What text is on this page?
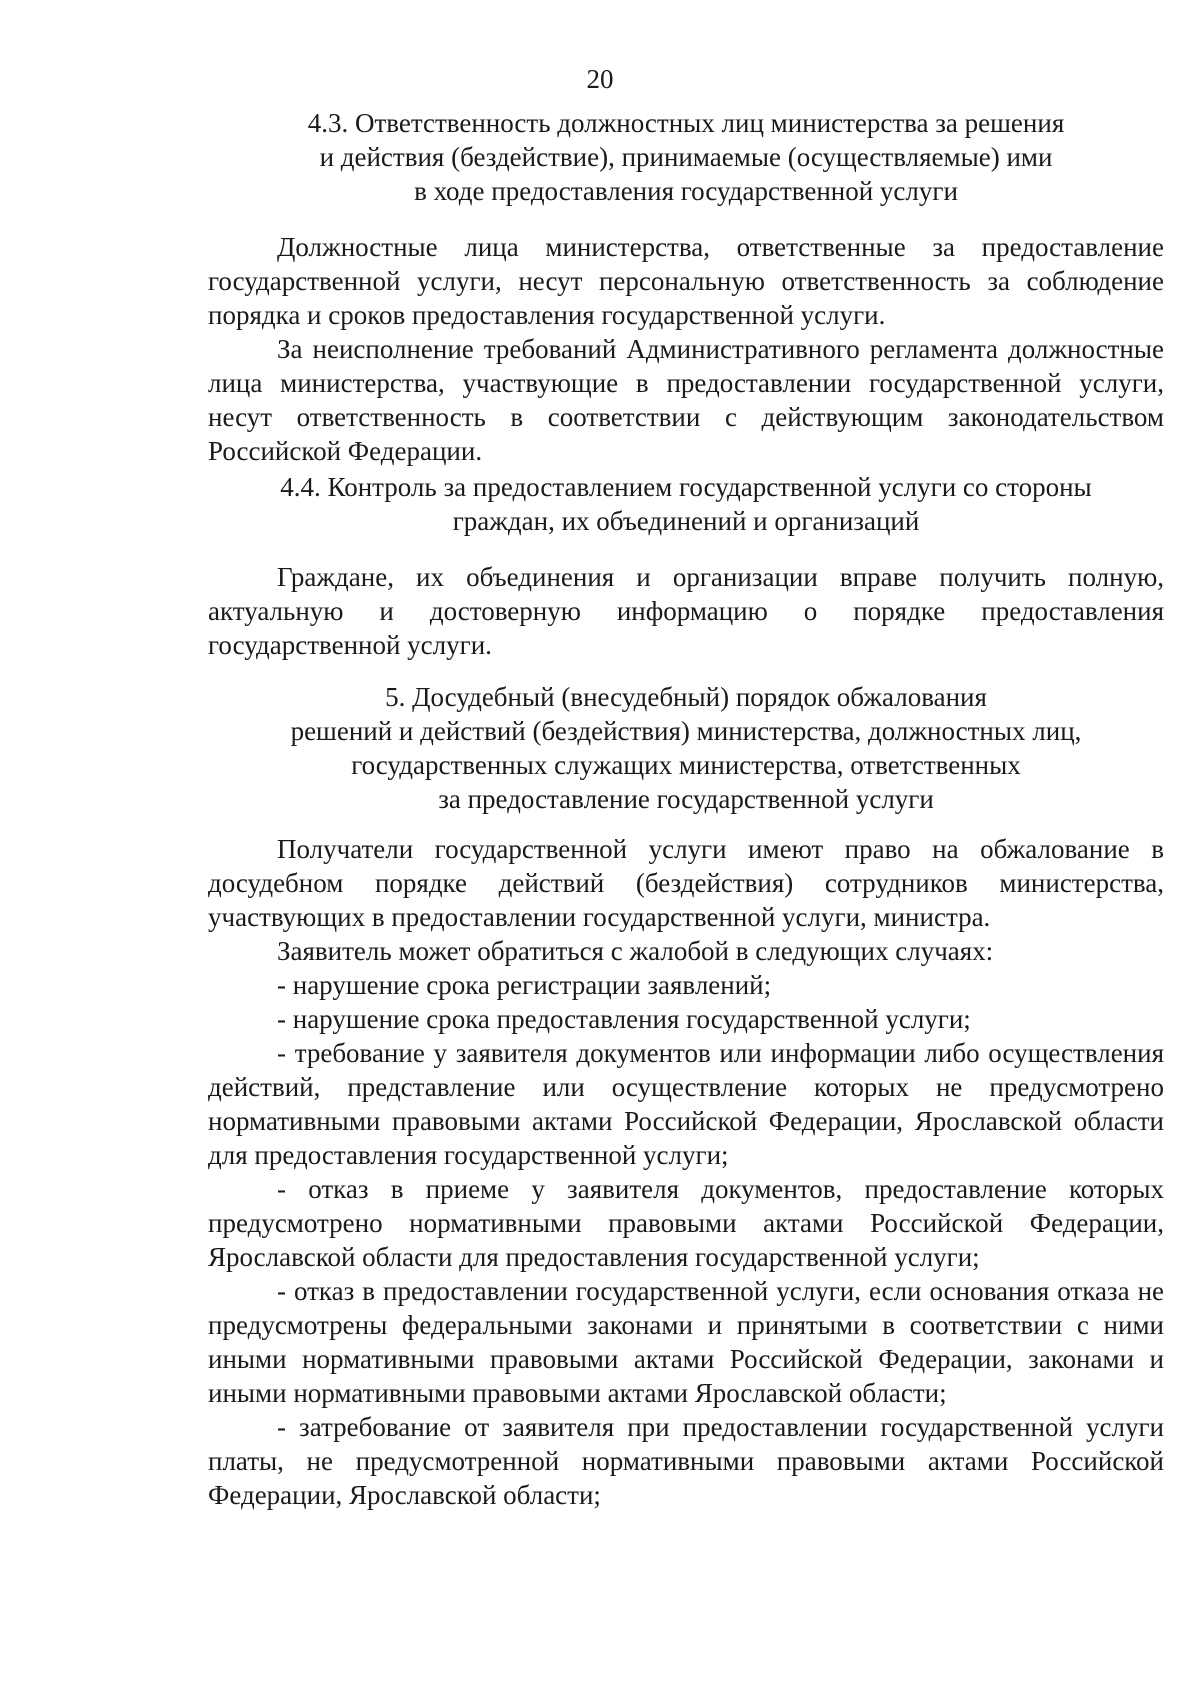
20
4.3. Ответственность должностных лиц министерства за решения
и действия (бездействие), принимаемые (осуществляемые) ими
в ходе предоставления государственной услуги

Должностные лица министерства, ответственные за предоставление государственной услуги, несут персональную ответственность за соблюдение порядка и сроков предоставления государственной услуги.

За неисполнение требований Административного регламента должностные лица министерства, участвующие в предоставлении государственной услуги, несут ответственность в соответствии с действующим законодательством Российской Федерации.

4.4. Контроль за предоставлением государственной услуги со стороны
граждан, их объединений и организаций

Граждане, их объединения и организации вправе получить полную, актуальную и достоверную информацию о порядке предоставления государственной услуги.

5. Досудебный (внесудебный) порядок обжалования
решений и действий (бездействия) министерства, должностных лиц,
государственных служащих министерства, ответственных
за предоставление государственной услуги

Получатели государственной услуги имеют право на обжалование в досудебном порядке действий (бездействия) сотрудников министерства, участвующих в предоставлении государственной услуги, министра.

Заявитель может обратиться с жалобой в следующих случаях:

- нарушение срока регистрации заявлений;

- нарушение срока предоставления государственной услуги;

- требование у заявителя документов или информации либо осуществления действий, представление или осуществление которых не предусмотрено нормативными правовыми актами Российской Федерации, Ярославской области для предоставления государственной услуги;

- отказ в приеме у заявителя документов, предоставление которых предусмотрено нормативными правовыми актами Российской Федерации, Ярославской области для предоставления государственной услуги;

- отказ в предоставлении государственной услуги, если основания отказа не предусмотрены федеральными законами и принятыми в соответствии с ними иными нормативными правовыми актами Российской Федерации, законами и иными нормативными правовыми актами Ярославской области;

- затребование от заявителя при предоставлении государственной услуги платы, не предусмотренной нормативными правовыми актами Российской Федерации, Ярославской области;
